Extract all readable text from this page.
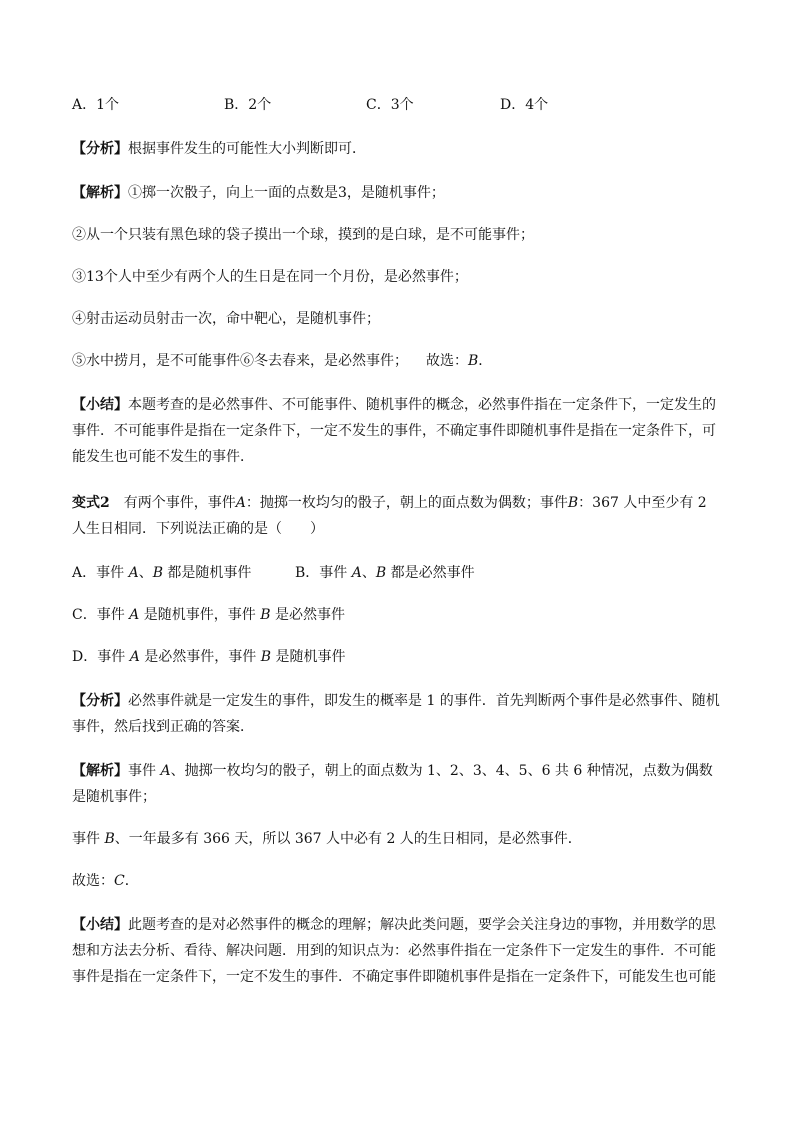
A．1个	B．2个	C．3个	D．4个

【分析】根据事件发生的可能性大小判断即可．

【解析】①掷一次骰子，向上一面的点数是3，是随机事件；

②从一个只装有黑色球的袋子摸出一个球，摸到的是白球，是不可能事件；

③13个人中至少有两个人的生日是在同一个月份，是必然事件；

④射击运动员射击一次，命中靶心，是随机事件；

⑤水中捞月，是不可能事件⑥冬去春来，是必然事件； 故选：B．

【小结】本题考查的是必然事件、不可能事件、随机事件的概念，必然事件指在一定条件下，一定发生的事件．不可能事件是指在一定条件下，一定不发生的事件，不确定事件即随机事件是指在一定条件下，可能发生也可能不发生的事件．

变式2 有两个事件，事件A：抛掷一枚均匀的骰子，朝上的面点数为偶数；事件B：367 人中至少有 2 人生日相同．下列说法正确的是（　　）

A．事件 A、B 都是随机事件	B．事件 A、B 都是必然事件

C．事件 A 是随机事件，事件 B 是必然事件

D．事件 A 是必然事件，事件 B 是随机事件

【分析】必然事件就是一定发生的事件，即发生的概率是 1 的事件．首先判断两个事件是必然事件、随机事件，然后找到正确的答案．

【解析】事件 A、抛掷一枚均匀的骰子，朝上的面点数为 1、2、3、4、5、6 共 6 种情况，点数为偶数是随机事件；

事件 B、一年最多有 366 天，所以 367 人中必有 2 人的生日相同，是必然事件．

故选：C．

【小结】此题考查的是对必然事件的概念的理解；解决此类问题，要学会关注身边的事物，并用数学的思想和方法去分析、看待、解决问题．用到的知识点为：必然事件指在一定条件下一定发生的事件．不可能事件是指在一定条件下，一定不发生的事件．不确定事件即随机事件是指在一定条件下，可能发生也可能
